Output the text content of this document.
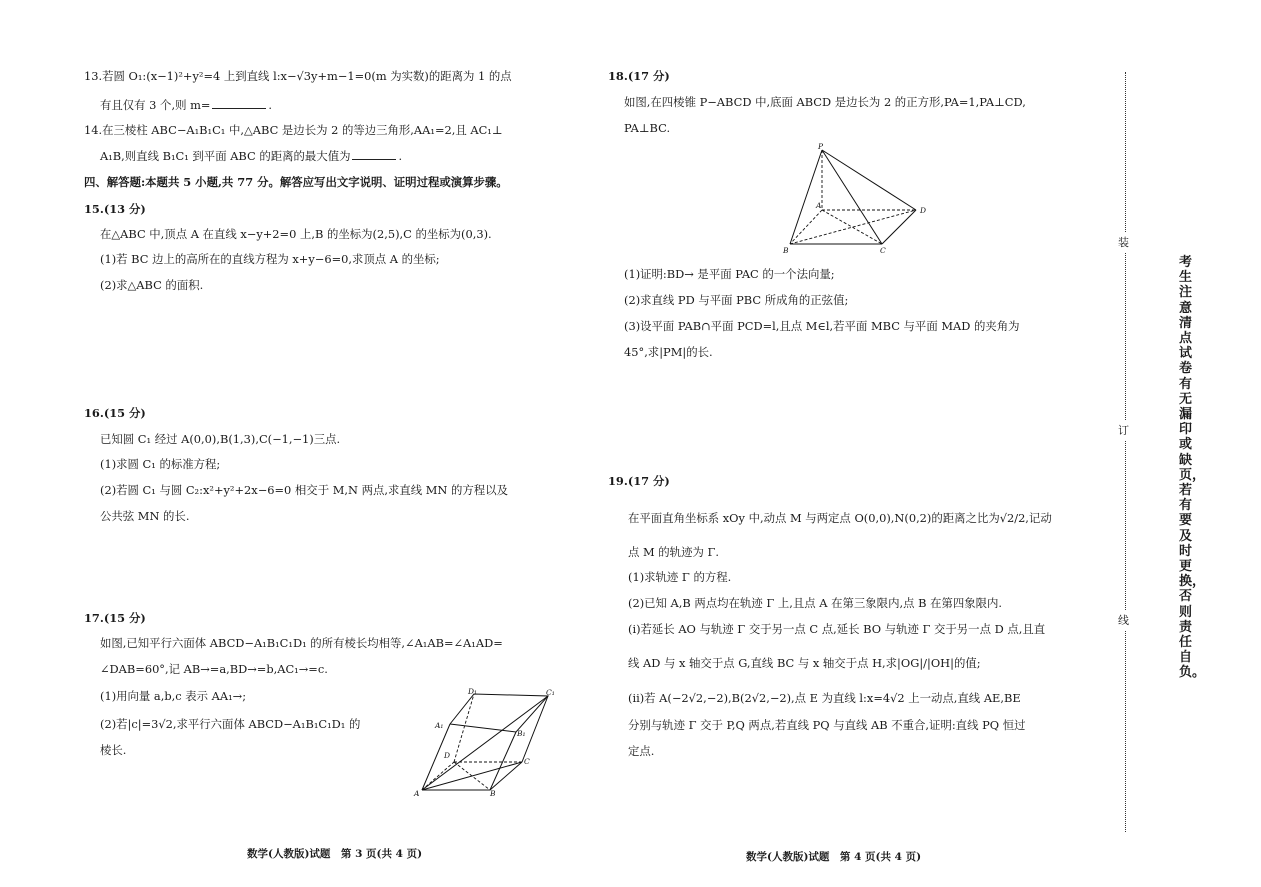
13.若圆 O₁:(x−1)²+y²=4 上到直线 l:x−√3y+m−1=0(m 为实数)的距离为 1 的点
有且仅有 3 个,则 m=	.
14.在三棱柱 ABC−A₁B₁C₁ 中,△ABC 是边长为 2 的等边三角形,AA₁=2,且 AC₁⊥
A₁B,则直线 B₁C₁ 到平面 ABC 的距离的最大值为	.
四、解答题:本题共 5 小题,共 77 分。解答应写出文字说明、证明过程或演算步骤。
15.(13 分)
在△ABC 中,顶点 A 在直线 x−y+2=0 上,B 的坐标为(2,5),C 的坐标为(0,3).
(1)若 BC 边上的高所在的直线方程为 x+y−6=0,求顶点 A 的坐标;
(2)求△ABC 的面积.
16.(15 分)
已知圆 C₁ 经过 A(0,0),B(1,3),C(−1,−1)三点.
(1)求圆 C₁ 的标准方程;
(2)若圆 C₁ 与圆 C₂:x²+y²+2x−6=0 相交于 M,N 两点,求直线 MN 的方程以及
公共弦 MN 的长.
17.(15 分)
如图,已知平行六面体 ABCD−A₁B₁C₁D₁ 的所有棱长均相等,∠A₁AB=∠A₁AD=
∠DAB=60°,记 AB→=a,BD→=b,AC₁→=c.
(1)用向量 a,b,c 表示 AA₁→;
(2)若|c|=3√2,求平行六面体 ABCD−A₁B₁C₁D₁ 的
棱长.
A	B
C
D
A₁
B₁
C₁
D₁
数学(人教版)试题　第 3 页(共 4 页)
18.(17 分)
如图,在四棱锥 P−ABCD 中,底面 ABCD 是边长为 2 的正方形,PA=1,PA⊥CD,
PA⊥BC.
P
A
B	C
D
(1)证明:BD→ 是平面 PAC 的一个法向量;
(2)求直线 PD 与平面 PBC 所成角的正弦值;
(3)设平面 PAB∩平面 PCD=l,且点 M∈l,若平面 MBC 与平面 MAD 的夹角为
45°,求|PM|的长.
19.(17 分)
在平面直角坐标系 xOy 中,动点 M 与两定点 O(0,0),N(0,2)的距离之比为√2/2,记动
点 M 的轨迹为 Γ.
(1)求轨迹 Γ 的方程.
(2)已知 A,B 两点均在轨迹 Γ 上,且点 A 在第三象限内,点 B 在第四象限内.
(ⅰ)若延长 AO 与轨迹 Γ 交于另一点 C 点,延长 BO 与轨迹 Γ 交于另一点 D 点,且直
线 AD 与 x 轴交于点 G,直线 BC 与 x 轴交于点 H,求|OG|/|OH|的值;
(ⅱ)若 A(−2√2,−2),B(2√2,−2),点 E 为直线 l:x=4√2 上一动点,直线 AE,BE
分别与轨迹 Γ 交于 P,Q 两点,若直线 PQ 与直线 AB 不重合,证明:直线 PQ 恒过
定点.
数学(人教版)试题　第 4 页(共 4 页)
装
订
线
考生注意清点试卷有无漏印或缺页，若有要及时更换，否则责任自负。
